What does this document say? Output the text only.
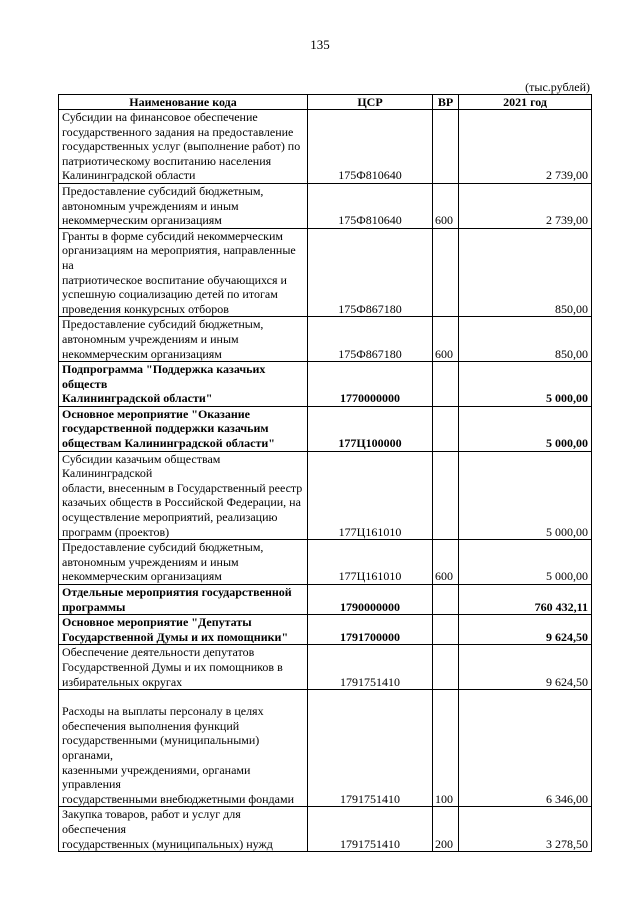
135
(тыс.рублей)
Наименование кода	ЦСР	ВР	2021 год

Субсидии на финансовое обеспечение
государственного задания на предоставление
государственных услуг (выполнение работ) по
патриотическому воспитанию населения
Калининградской области	175Ф810640		2 739,00

Предоставление субсидий бюджетным,
автономным учреждениям и иным
некоммерческим организациям	175Ф810640	600	2 739,00

Гранты в форме субсидий некоммерческим
организациям на мероприятия, направленные на
патриотическое воспитание обучающихся и
успешную социализацию детей по итогам
проведения конкурсных отборов	175Ф867180		850,00

Предоставление субсидий бюджетным,
автономным учреждениям и иным
некоммерческим организациям	175Ф867180	600	850,00

Подпрограмма "Поддержка казачьих обществ
Калининградской области"	1770000000		5 000,00

Основное мероприятие "Оказание
государственной поддержки казачьим
обществам Калининградской области"	177Ц100000		5 000,00

Субсидии казачьим обществам Калининградской
области, внесенным в Государственный реестр
казачьих обществ в Российской Федерации, на
осуществление мероприятий, реализацию
программ (проектов)	177Ц161010		5 000,00

Предоставление субсидий бюджетным,
автономным учреждениям и иным
некоммерческим организациям	177Ц161010	600	5 000,00

Отдельные мероприятия государственной
программы	1790000000		760 432,11

Основное мероприятие "Депутаты
Государственной Думы и их помощники"	1791700000		9 624,50

Обеспечение деятельности депутатов
Государственной Думы и их помощников в
избирательных округах	1791751410		9 624,50

Расходы на выплаты персоналу в целях
обеспечения выполнения функций
государственными (муниципальными) органами,
казенными учреждениями, органами управления
государственными внебюджетными фондами	1791751410	100	6 346,00

Закупка товаров, работ и услуг для обеспечения
государственных (муниципальных) нужд	1791751410	200	3 278,50
